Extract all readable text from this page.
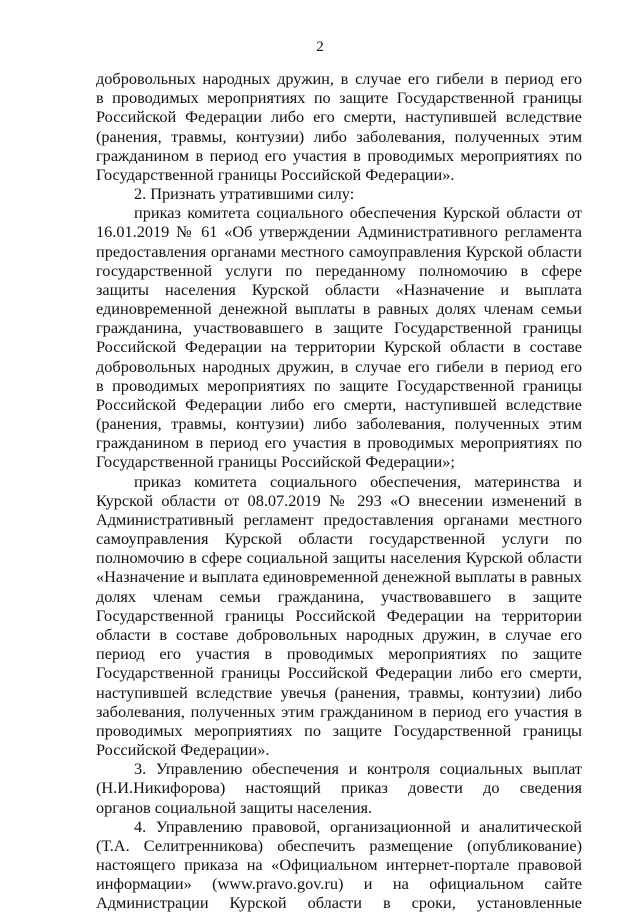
2
добровольных народных дружин, в случае его гибели в период его
в проводимых мероприятиях по защите Государственной границы
Российской Федерации либо его смерти, наступившей вследствие
(ранения, травмы, контузии) либо заболевания, полученных этим
гражданином в период его участия в проводимых мероприятиях по
Государственной границы Российской Федерации».
2. Признать утратившими силу:
приказ комитета социального обеспечения Курской области от
16.01.2019 № 61 «Об утверждении Административного регламента
предоставления органами местного самоуправления Курской области
государственной услуги по переданному полномочию в сфере
защиты населения Курской области «Назначение и выплата
единовременной денежной выплаты в равных долях членам семьи
гражданина, участвовавшего в защите Государственной границы
Российской Федерации на территории Курской области в составе
добровольных народных дружин, в случае его гибели в период его
в проводимых мероприятиях по защите Государственной границы
Российской Федерации либо его смерти, наступившей вследствие
(ранения, травмы, контузии) либо заболевания, полученных этим
гражданином в период его участия в проводимых мероприятиях по
Государственной границы Российской Федерации»;
приказ комитета социального обеспечения, материнства и
Курской области от 08.07.2019 № 293 «О внесении изменений в
Административный регламент предоставления органами местного
самоуправления Курской области государственной услуги по
полномочию в сфере социальной защиты населения Курской области
«Назначение и выплата единовременной денежной выплаты в равных
долях членам семьи гражданина, участвовавшего в защите
Государственной границы Российской Федерации на территории
области в составе добровольных народных дружин, в случае его
период его участия в проводимых мероприятиях по защите
Государственной границы Российской Федерации либо его смерти,
наступившей вследствие увечья (ранения, травмы, контузии) либо
заболевания, полученных этим гражданином в период его участия в
проводимых мероприятиях по защите Государственной границы
Российской Федерации».
3. Управлению обеспечения и контроля социальных выплат
(Н.И.Никифорова) настоящий приказ довести до сведения
органов социальной защиты населения.
4. Управлению правовой, организационной и аналитической
(Т.А. Селитренникова) обеспечить размещение (опубликование)
настоящего приказа на «Официальном интернет-портале правовой
информации» (www.pravo.gov.ru) и на официальном сайте
Администрации Курской области в сроки, установленные
